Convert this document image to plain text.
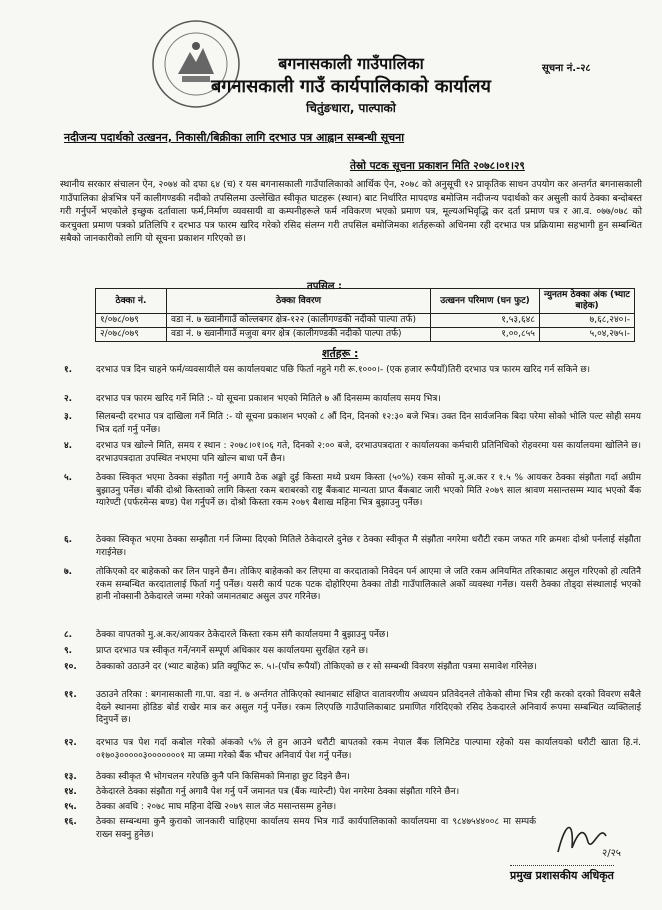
सूचना नं.-२८
बगनासकाली गाउँपालिका
बगनासकाली गाउँ कार्यपालिकाको कार्यालय
चितुंङधारा, पाल्पाको
नदीजन्य पदार्थको उत्खनन, निकासी/बिक्रीका लागि दरभाउ पत्र आह्वान सम्बन्धी सूचना
तेस्रो पटक सूचना प्रकाशन मिति २०७८।०१।२९
स्थानीय सरकार संचालन ऐन, २०७४ को दफा ६४ (च) र यस बगनासकाली गाउँपालिकाको आर्थिक ऐन, २०७८ को अनुसूची १२ प्राकृतिक साधन उपयोग कर अन्तर्गत बगनासकाली गाउँपालिका क्षेत्रभित्र पर्ने कालीगण्डकी नदीको तपसिलमा उल्लेखित स्वीकृत घाटहरू (स्थान) बाट निर्धारित मापदण्ड बमोजिम नदीजन्य पदार्थको कर असुली कार्य ठेक्का बन्दोबस्त गरी गर्नुपर्ने भएकोले इच्छुक दर्तावाला फर्म,निर्माण व्यवसायी वा कम्पनीहरूले फर्म नविकरण भएको प्रमाण पत्र, मूल्यअभिवृद्धि कर दर्ता प्रमाण पत्र र आ.व. ०७७/०७८ को करचुक्ता प्रमाण पत्रको प्रतिलिपि र दरभाउ पत्र फारम खरिद गरेको रसिद संलग्न गरी तपसिल बमोजिमका शर्तहरूको अधिनमा रही दरभाउ पत्र प्रक्रियामा सहभागी हुन सम्बन्धित सबैको जानकारीको लागि यो सूचना प्रकाशन गरिएको छ।
तपसिल :
ठेक्का नं.	ठेक्का विवरण	उत्खनन परिमाण (घन फुट)	न्युनतम ठेक्का अंक (भ्याट बाहेक)
१/०७८/०७९	वडा नं. ७ ख्वानीगाउँ कोल्लबगर क्षेत्र-१२२ (कालीगण्डकी नदीको पाल्पा तर्फ)	१,५३,६४८	७,६८,२४०।-
२/०७८/०७९	वडा नं. ७ ख्वानीगाउँ मजुवा बगर क्षेत्र (कालीगण्डकी नदीको पाल्पा तर्फ)	१,००,८५५	५,०४,२७५।-
शर्तहरू :
१.	दरभाउ पत्र दिन चाहने फर्म/व्यवसायीले यस कार्यालयबाट पछि फिर्ता नहुने गरी रू.१०००।- (एक हजार रूपैयाँ)तिरी दरभाउ पत्र फारम खरिद गर्न सकिने छ।
२.	दरभाउ पत्र फारम खरिद गर्ने मिति :- यो सूचना प्रकाशन भएको मितिले ७ औं दिनसम्म कार्यालय समय भित्र।
३.	सिलबन्दी दरभाउ पत्र दाखिला गर्ने मिति :- यो सूचना प्रकाशन भएको ८ औं दिन, दिनको १२:३० बजे भित्र। उक्त दिन सार्वजनिक बिदा परेमा सोको भोलि पल्ट सोही समय भित्र दर्ता गर्नु पर्नेछ।
४.	दरभाउ पत्र खोल्ने मिति, समय र स्थान : २०७८।०१।०६ गते, दिनको २:०० बजे, दरभाउपत्रदाता र कार्यालयका कर्मचारी प्रतिनिधिको रोहवरमा यस कार्यालयमा खोलिने छ। दरभाउपत्रदाता उपस्थित नभएमा पनि खोल्न बाधा पर्ने छैन।
५.	ठेक्का स्विकृत भएमा ठेक्का संझौता गर्नु अगावै ठेक अङ्को दुई किस्ता मध्ये प्रथम किस्ता (५०%) रकम सोको मु.अ.कर र १.५ % आयकर ठेक्का संझौता गर्दा अग्रीम बुझाउनु पर्नेछ। बाँकी दोश्रो किस्ताको लागि किस्ता रकम बराबरको राष्ट्र बैंकबाट मान्यता प्राप्त बैंकबाट जारी भएको मिति २०७९ साल श्रावण मसान्तसम्म म्याद भएको बैंक ग्यारेण्टी (पर्फरमेन्स बण्ड) पेश गर्नुपर्ने छ। दोश्रो किस्ता रकम २०७९ बैशाख महिना भित्र बुझाउनु पर्नेछ।
६.	ठेक्का स्विकृत भएमा ठेक्का सम्झौता गर्न जिम्मा दिएको मितिले ठेकेदारले दुनेछ र ठेक्का स्वीकृत मै संझौता नगरेमा धरौटी रकम जफत गरि क्रमशः दोश्रो पर्नलाई संझौता गराईनेछ।
७.	तोकिएको दर बाहेकको कर लिन पाइने छैन। तोकिए बाहेकको कर लिएमा वा करदाताको निवेदन पर्न आएमा जे जति रकम अनियमित तरिकाबाट असुल गरिएको हो त्यतिनै रकम सम्बन्धित करदातालाई फिर्ता गर्नु पर्नेछ। यसरी कार्य पटक पटक दोहोरिएमा ठेक्का तोडी गाउँपालिकाले अर्को व्यवस्था गर्नेछ। यसरी ठेक्का तोड्दा संस्थालाई भएको हानी नोक्सानी ठेकेदारले जम्मा गरेको जमानतबाट असुल उपर गरिनेछ।
८.	ठेक्का वापतको मु.अ.कर/आयकर ठेकेदारले किस्ता रकम संगै कार्यालयमा नै बुझाउनु पर्नेछ।
९.	प्राप्त दरभाउ पत्र स्वीकृत गर्ने/नगर्ने सम्पूर्ण अधिकार यस कार्यालयमा सुरक्षित रहने छ।
१०.	ठेक्काको उठाउने दर (भ्याट बाहेक) प्रति क्यूफिट रू. ५।-(पाँच रूपैयाँ) तोकिएको छ र सो सम्बन्धी विवरण संझौता पत्रमा समावेश गरिनेछ।
११.	उठाउने तरिका : बगनासकाली गा.पा. वडा नं. ७ अर्न्तगत तोकिएको स्थानबाट संक्षिप्त वातावरणीय अध्ययन प्रतिवेदनले तोकेको सीमा भित्र रही करको दरको विवरण सबैले देख्ने स्थानमा होडिङ बोर्ड राखेर मात्र कर असुल गर्नु पर्नेछ। रकम लिएपछि गाउँपालिकाबाट प्रमाणित गरिदिएको रसिद ठेकदारले अनिवार्य रूपमा सम्बन्धित व्यक्तिलाई दिनुपर्ने छ।
१२.	दरभाउ पत्र पेश गर्दा कबोल गरेको अंकको ५% ले हुन आउने धरौटी बापतको रकम नेपाल बैंक लिमिटेड पाल्पामा रहेको यस कार्यालयको धरौटी खाता हि.नं. ०१७०३०००००३०००००००१ मा जम्मा गरेको बैंक भौचर अनिवार्य पेश गर्नु पर्नेछ।
१३.	ठेक्का स्वीकृत भै भोगचलन गरेपछि कुनै पनि किसिमको मिनाहा छुट दिइने छैन।
१४.	ठेकेदारले ठेक्का संझौता गर्नु अगावै पेश गर्नु पर्ने जमानत पत्र (बैंक ग्यारेन्टी) पेश नगरेमा ठेक्का संझौता गरिने छैन।
१५.	ठेक्का अवधि : २०७८ माघ महिना देखि २०७९ साल जेठ मसान्तसम्म हुनेछ।
१६.	ठेक्का सम्बन्धमा कुनै कुराको जानकारी चाहिएमा कार्यालय समय भित्र गाउँ कार्यपालिकाको कार्यालयमा वा ९८४७५४४००८ मा सम्पर्क राख्न सक्नु हुनेछ।
२/२५
प्रमुख प्रशासकीय अधिकृत
